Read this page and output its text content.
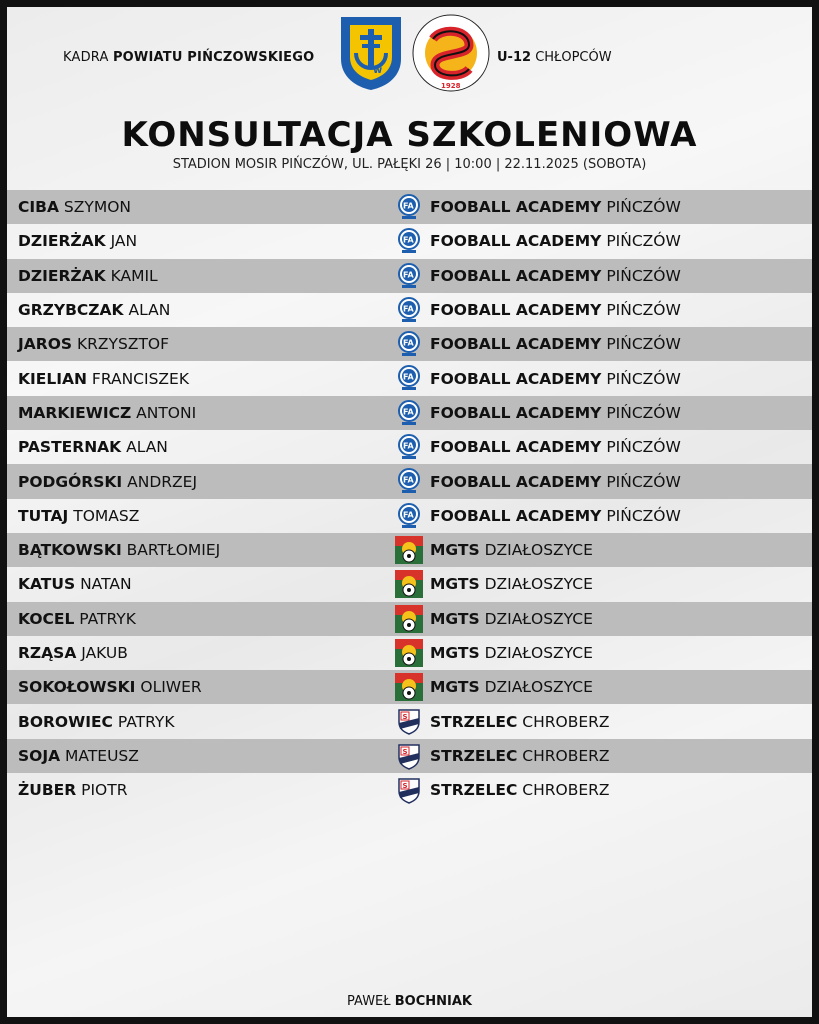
KADRA POWIATU PIŃCZOWSKIEGO
w
1928
U-12 CHŁOPCÓW
KONSULTACJA SZKOLENIOWA
STADION MOSIR PIŃCZÓW, UL. PAŁĘKI 26 | 10:00 | 22.11.2025 (SOBOTA)
CIBA SZYMON	FA FOOBALL ACADEMY PIŃCZÓW
DZIERŻAK JAN	FA FOOBALL ACADEMY PIŃCZÓW
DZIERŻAK KAMIL	FA FOOBALL ACADEMY PIŃCZÓW
GRZYBCZAK ALAN	FA FOOBALL ACADEMY PIŃCZÓW
JAROS KRZYSZTOF	FA FOOBALL ACADEMY PIŃCZÓW
KIELIAN FRANCISZEK	FA FOOBALL ACADEMY PIŃCZÓW
MARKIEWICZ ANTONI	FA FOOBALL ACADEMY PIŃCZÓW
PASTERNAK ALAN	FA FOOBALL ACADEMY PIŃCZÓW
PODGÓRSKI ANDRZEJ	FA FOOBALL ACADEMY PIŃCZÓW
TUTAJ TOMASZ	FA FOOBALL ACADEMY PIŃCZÓW
BĄTKOWSKI BARTŁOMIEJ	MGTS DZIAŁOSZYCE
KATUS NATAN	MGTS DZIAŁOSZYCE
KOCEL PATRYK	MGTS DZIAŁOSZYCE
RZĄSA JAKUB	MGTS DZIAŁOSZYCE
SOKOŁOWSKI OLIWER	MGTS DZIAŁOSZYCE
BOROWIEC PATRYK	S STRZELEC CHROBERZ
SOJA MATEUSZ	S STRZELEC CHROBERZ
ŻUBER PIOTR	S STRZELEC CHROBERZ
PAWEŁ BOCHNIAK
